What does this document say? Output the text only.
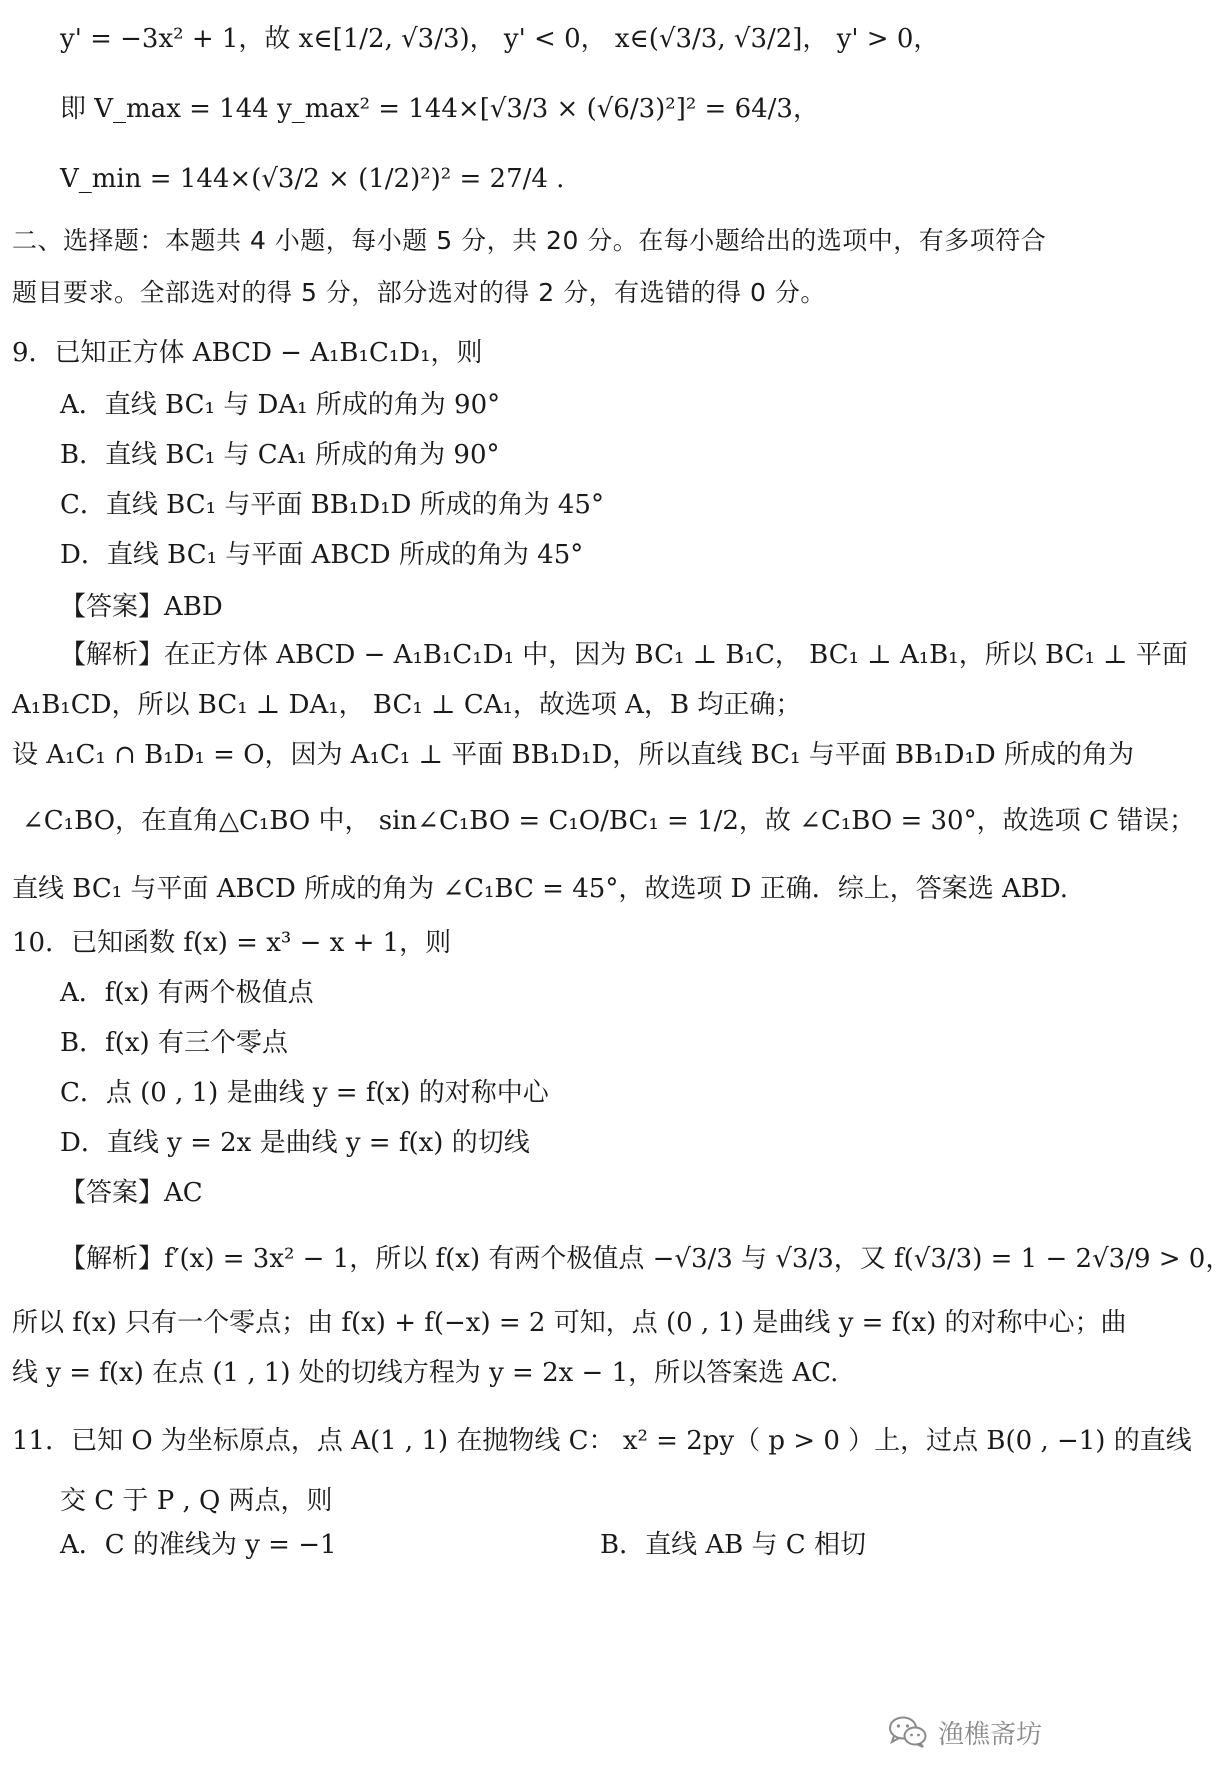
y' = −3x² + 1，故 x∈[1/2, √3/3)， y' < 0， x∈(√3/3, √3/2]， y' > 0，
即 V_max = 144 y_max² = 144×[√3/3 × (√6/3)²]² = 64/3，
V_min = 144×(√3/2 × (1/2)²)² = 27/4 .
二、选择题：本题共 4 小题，每小题 5 分，共 20 分。在每小题给出的选项中，有多项符合
题目要求。全部选对的得 5 分，部分选对的得 2 分，有选错的得 0 分。
9．已知正方体 ABCD − A₁B₁C₁D₁，则
A．直线 BC₁ 与 DA₁ 所成的角为 90°
B．直线 BC₁ 与 CA₁ 所成的角为 90°
C．直线 BC₁ 与平面 BB₁D₁D 所成的角为 45°
D．直线 BC₁ 与平面 ABCD 所成的角为 45°
【答案】ABD
【解析】在正方体 ABCD − A₁B₁C₁D₁ 中，因为 BC₁ ⊥ B₁C， BC₁ ⊥ A₁B₁，所以 BC₁ ⊥ 平面
A₁B₁CD，所以 BC₁ ⊥ DA₁， BC₁ ⊥ CA₁，故选项 A，B 均正确；
设 A₁C₁ ∩ B₁D₁ = O，因为 A₁C₁ ⊥ 平面 BB₁D₁D，所以直线 BC₁ 与平面 BB₁D₁D 所成的角为
∠C₁BO，在直角△C₁BO 中， sin∠C₁BO = C₁O/BC₁ = 1/2，故 ∠C₁BO = 30°，故选项 C 错误；
直线 BC₁ 与平面 ABCD 所成的角为 ∠C₁BC = 45°，故选项 D 正确．综上，答案选 ABD.
10．已知函数 f(x) = x³ − x + 1，则
A．f(x) 有两个极值点
B．f(x) 有三个零点
C．点 (0 , 1) 是曲线 y = f(x) 的对称中心
D．直线 y = 2x 是曲线 y = f(x) 的切线
【答案】AC
【解析】f′(x) = 3x² − 1，所以 f(x) 有两个极值点 −√3/3 与 √3/3，又 f(√3/3) = 1 − 2√3/9 > 0，
所以 f(x) 只有一个零点；由 f(x) + f(−x) = 2 可知，点 (0 , 1) 是曲线 y = f(x) 的对称中心；曲
线 y = f(x) 在点 (1 , 1) 处的切线方程为 y = 2x − 1，所以答案选 AC.
11．已知 O 为坐标原点，点 A(1 , 1) 在抛物线 C： x² = 2py（ p > 0 ）上，过点 B(0 , −1) 的直线
交 C 于 P , Q 两点，则
A．C 的准线为 y = −1	B．直线 AB 与 C 相切
渔樵斋坊
